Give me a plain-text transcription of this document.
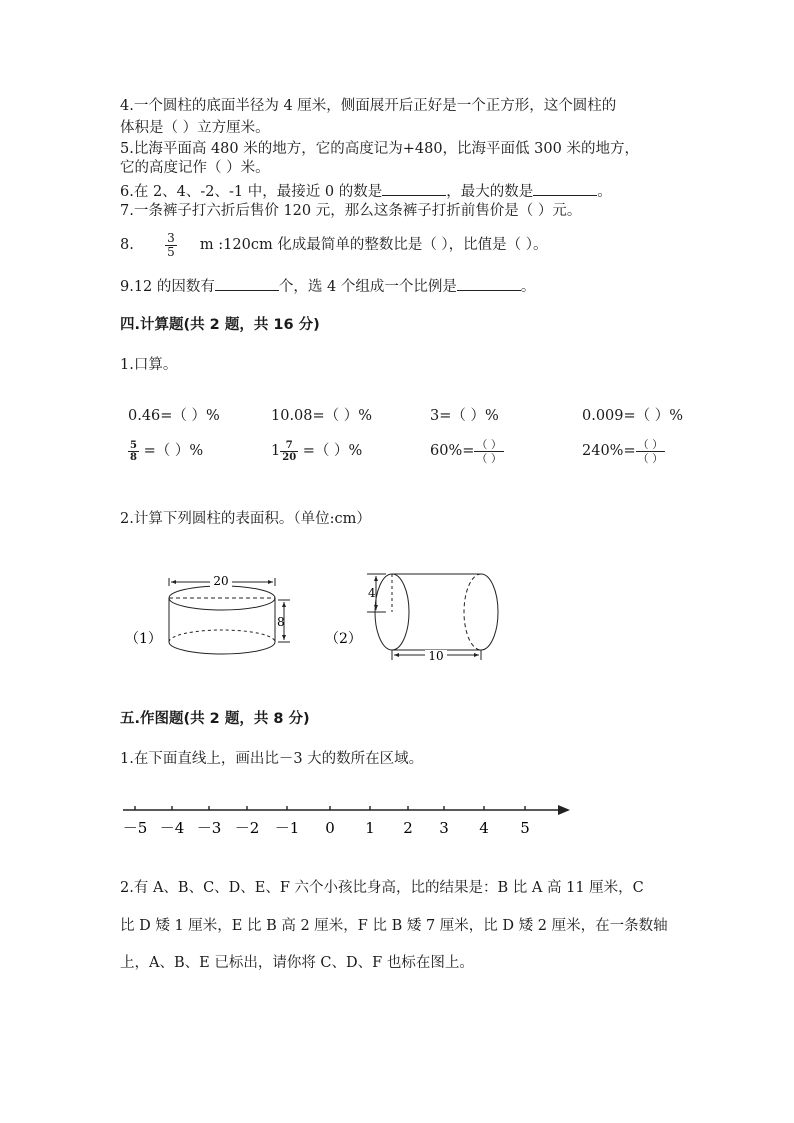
4.一个圆柱的底面半径为 4 厘米，侧面展开后正好是一个正方形，这个圆柱的
体积是（ ）立方厘米。
5.比海平面高 480 米的地方，它的高度记为+480，比海平面低 300 米的地方，
它的高度记作（ ）米。
6.在 2、4、-2、-1 中，最接近 0 的数是	，最大的数是	。
7.一条裤子打六折后售价 120 元，那么这条裤子打折前售价是（ ）元。
8.	$\frac{3}{5}$ m :120cm 化成最简单的整数比是（ ），比值是（ ）。
9.12 的因数有	个，选 4 个组成一个比例是	。
四.计算题(共 2 题，共 16 分)
1.口算。
0.46=（ ）%	10.08=（ ）%	3=（ ）%	0.009=（ ）%
$\frac{5}{8}$ =（ ）%	$1 \frac{7}{20}$ =（ ）%	$60\%= \frac{( )}{( )}$	$240\%= \frac{( )}{( )}$
2.计算下列圆柱的表面积。（单位:cm）
（1）
20
8
（2）
4
10
五.作图题(共 2 题，共 8 分)
1.在下面直线上，画出比－3 大的数所在区域。
－5 －4 －3 －2 －1 0 1 2 3 4 5
2.有 A、B、C、D、E、F 六个小孩比身高，比的结果是：B 比 A 高 11 厘米，C
比 D 矮 1 厘米，E 比 B 高 2 厘米，F 比 B 矮 7 厘米，比 D 矮 2 厘米，在一条数轴
上，A、B、E 已标出，请你将 C、D、F 也标在图上。
